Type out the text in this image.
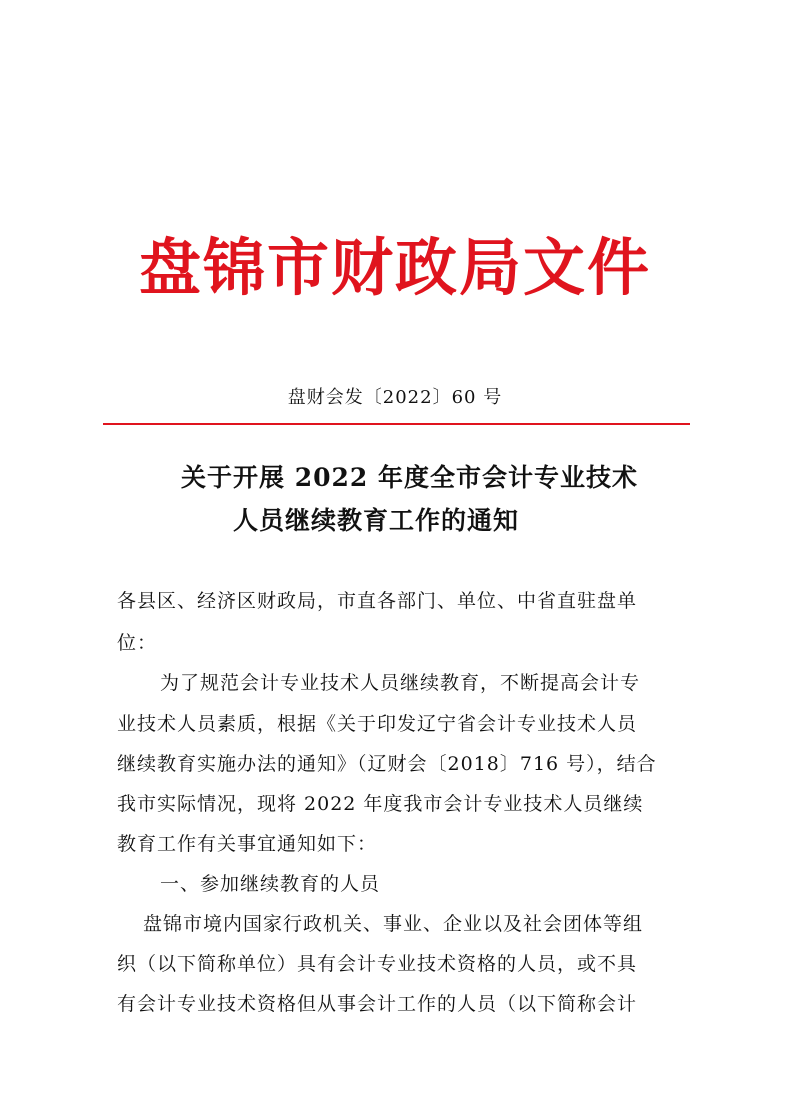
盘锦市财政局文件
盘财会发〔2022〕60 号
关于开展 2022 年度全市会计专业技术
人员继续教育工作的通知
各县区、经济区财政局，市直各部门、单位、中省直驻盘单
位：
为了规范会计专业技术人员继续教育，不断提高会计专
业技术人员素质，根据《关于印发辽宁省会计专业技术人员
继续教育实施办法的通知》（辽财会〔2018〕716 号），结合
我市实际情况，现将 2022 年度我市会计专业技术人员继续
教育工作有关事宜通知如下：
一、参加继续教育的人员
盘锦市境内国家行政机关、事业、企业以及社会团体等组
织（以下简称单位）具有会计专业技术资格的人员，或不具
有会计专业技术资格但从事会计工作的人员（以下简称会计
